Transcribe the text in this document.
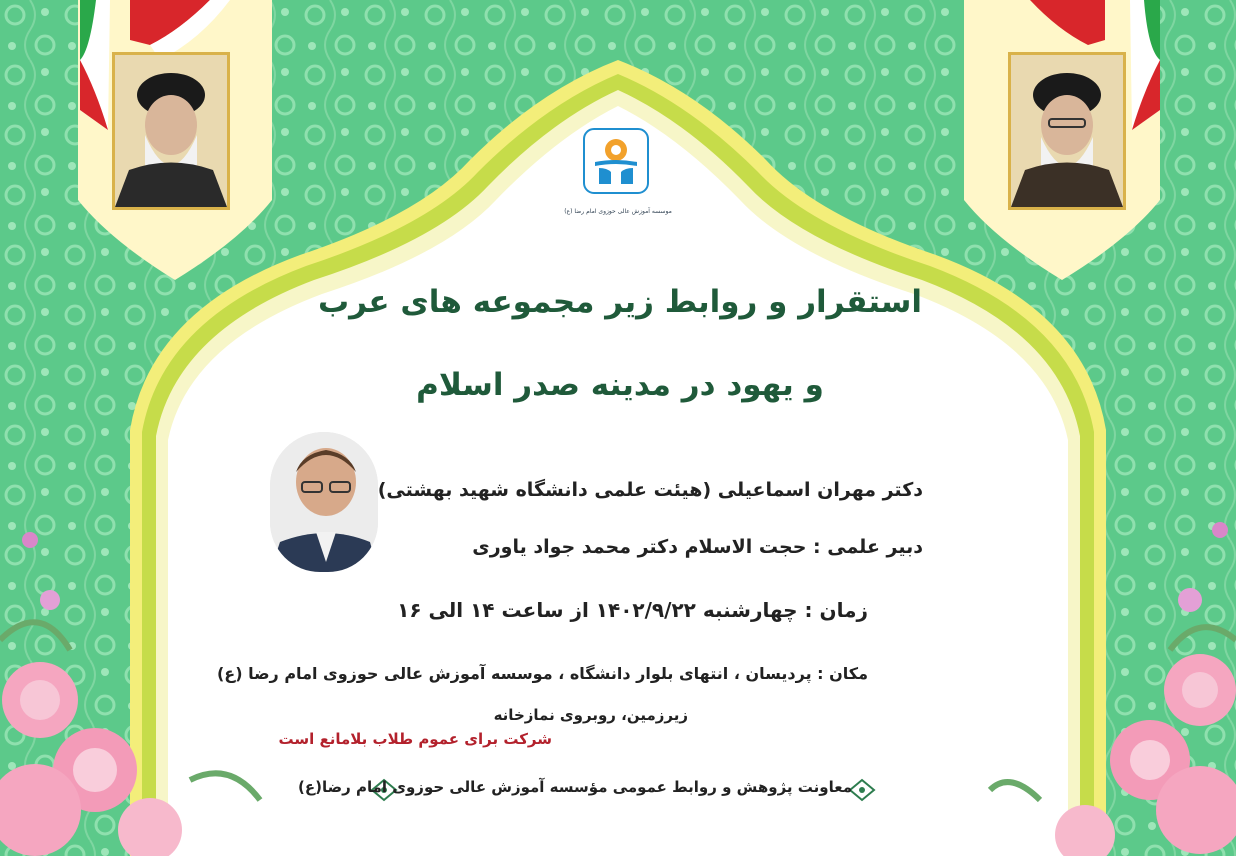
موسسه آموزش عالی حوزوی امام رضا (ع)
استقرار و روابط زیر مجموعه های عرب
و یهود در مدینه صدر اسلام
دکتر مهران اسماعیلی (هیئت علمی دانشگاه شهید بهشتی)
دبیر علمی : حجت الاسلام دکتر محمد جواد یاوری
زمان : چهارشنبه ۱۴۰۲/۹/۲۲ از ساعت ۱۴ الی ۱۶
مکان : پردیسان ، انتهای بلوار دانشگاه ، موسسه آموزش عالی حوزوی امام رضا (ع)
زیرزمین، روبروی نمازخانه
شرکت برای عموم طلاب بلامانع است
معاونت پژوهش و روابط عمومی مؤسسه آموزش عالی حوزوی امام رضا(ع)
